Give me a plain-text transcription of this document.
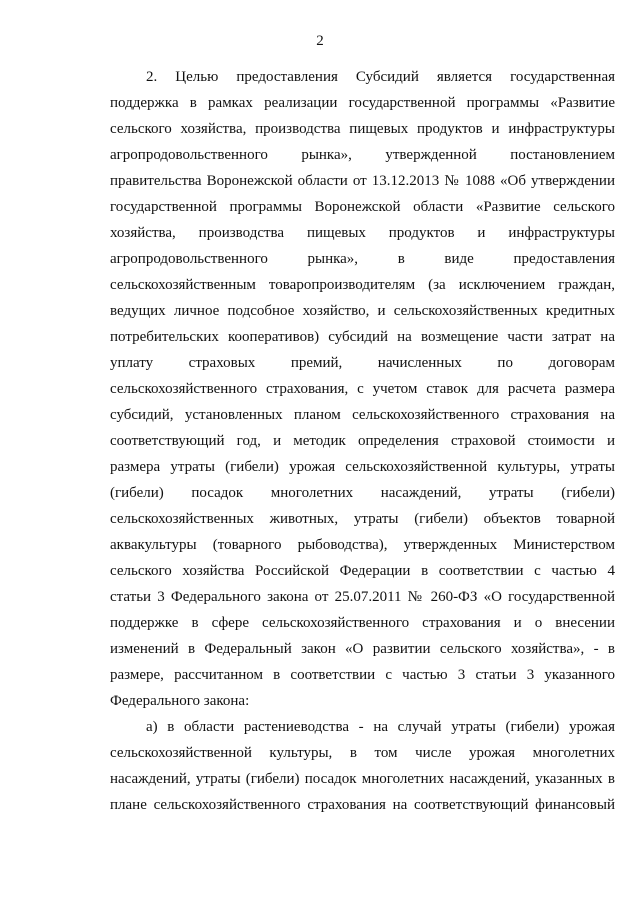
2
2. Целью предоставления Субсидий является государственная
поддержка в рамках реализации государственной программы «Развитие
сельского хозяйства, производства пищевых продуктов и инфраструктуры
агропродовольственного рынка», утвержденной постановлением
правительства Воронежской области от 13.12.2013 № 1088 «Об утверждении
государственной программы Воронежской области «Развитие сельского
хозяйства, производства пищевых продуктов и инфраструктуры
агропродовольственного рынка», в виде предоставления
сельскохозяйственным товаропроизводителям (за исключением граждан,
ведущих личное подсобное хозяйство, и сельскохозяйственных кредитных
потребительских кооперативов) субсидий на возмещение части затрат на
уплату страховых премий, начисленных по договорам
сельскохозяйственного страхования, с учетом ставок для расчета размера
субсидий, установленных планом сельскохозяйственного страхования на
соответствующий год, и методик определения страховой стоимости и
размера утраты (гибели) урожая сельскохозяйственной культуры, утраты
(гибели) посадок многолетних насаждений, утраты (гибели)
сельскохозяйственных животных, утраты (гибели) объектов товарной
аквакультуры (товарного рыбоводства), утвержденных Министерством
сельского хозяйства Российской Федерации в соответствии с частью 4
статьи 3 Федерального закона от 25.07.2011 № 260-ФЗ «О государственной
поддержке в сфере сельскохозяйственного страхования и о внесении
изменений в Федеральный закон «О развитии сельского хозяйства», - в
размере, рассчитанном в соответствии с частью 3 статьи 3 указанного
Федерального закона:
а) в области растениеводства - на случай утраты (гибели) урожая
сельскохозяйственной культуры, в том числе урожая многолетних
насаждений, утраты (гибели) посадок многолетних насаждений, указанных в
плане сельскохозяйственного страхования на соответствующий финансовый
